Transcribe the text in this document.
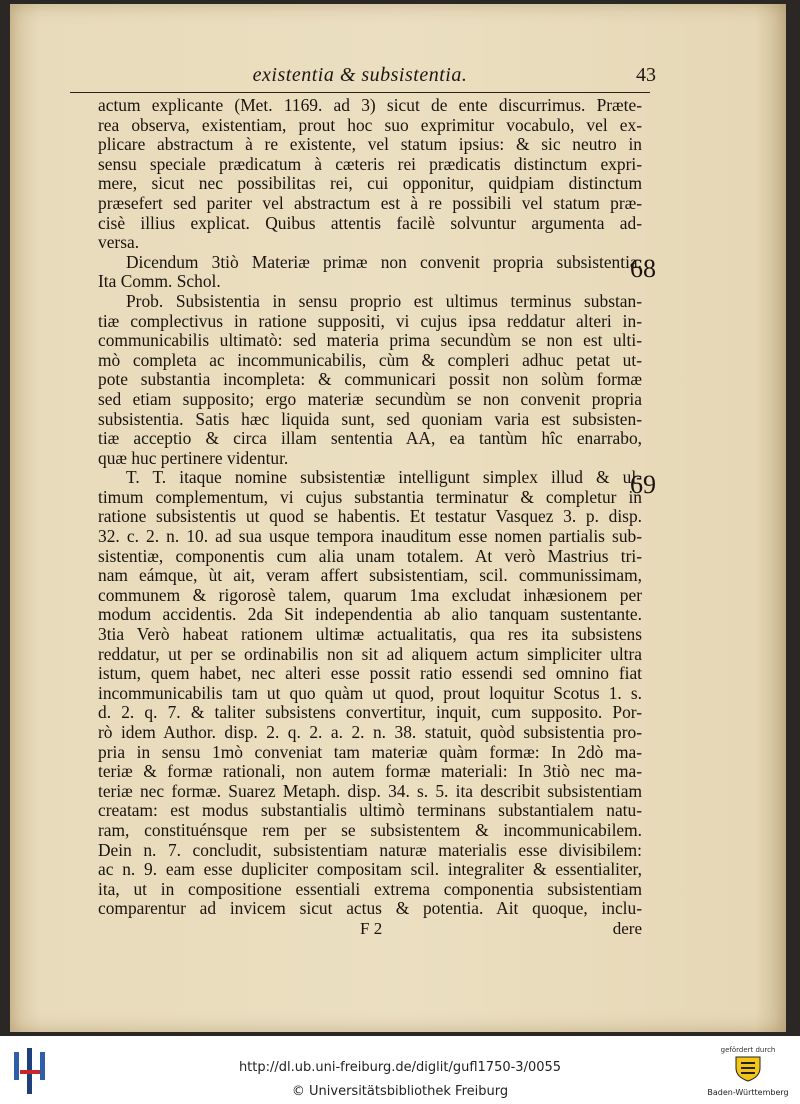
existentia & subsistentia.	43
actum explicante (Met. 1169. ad 3) sicut de ente discurrimus. Præte-
rea observa, existentiam, prout hoc suo exprimitur vocabulo, vel ex-
plicare abstractum à re existente, vel statum ipsius: & sic neutro in
sensu speciale prædicatum à cæteris rei prædicatis distinctum expri-
mere, sicut nec possibilitas rei, cui opponitur, quidpiam distinctum
præsefert sed pariter vel abstractum est à re possibili vel statum præ-
cisè illius explicat. Quibus attentis facilè solvuntur argumenta ad-
versa.
Dicendum 3tiò Materiæ primæ non convenit propria subsistentia.
Ita Comm. Schol.
Prob. Subsistentia in sensu proprio est ultimus terminus substan-
tiæ complectivus in ratione suppositi, vi cujus ipsa reddatur alteri in-
communicabilis ultimatò: sed materia prima secundùm se non est ulti-
mò completa ac incommunicabilis, cùm & compleri adhuc petat ut-
pote substantia incompleta: & communicari possit non solùm formæ
sed etiam supposito; ergo materiæ secundùm se non convenit propria
subsistentia. Satis hæc liquida sunt, sed quoniam varia est subsisten-
tiæ acceptio & circa illam sententia AA, ea tantùm hîc enarrabo,
quæ huc pertinere videntur.
T. T. itaque nomine subsistentiæ intelligunt simplex illud & ul-
timum complementum, vi cujus substantia terminatur & completur in
ratione subsistentis ut quod se habentis. Et testatur Vasquez 3. p. disp.
32. c. 2. n. 10. ad sua usque tempora inauditum esse nomen partialis sub-
sistentiæ, componentis cum alia unam totalem. At verò Mastrius tri-
nam eámque, ùt ait, veram affert subsistentiam, scil. communissimam,
communem & rigorosè talem, quarum 1ma excludat inhæsionem per
modum accidentis. 2da Sit independentia ab alio tanquam sustentante.
3tia Verò habeat rationem ultimæ actualitatis, qua res ita subsistens
reddatur, ut per se ordinabilis non sit ad aliquem actum simpliciter ultra
istum, quem habet, nec alteri esse possit ratio essendi sed omnino fiat
incommunicabilis tam ut quo quàm ut quod, prout loquitur Scotus 1. s.
d. 2. q. 7. & taliter subsistens convertitur, inquit, cum supposito. Por-
rò idem Author. disp. 2. q. 2. a. 2. n. 38. statuit, quòd subsistentia pro-
pria in sensu 1mò conveniat tam materiæ quàm formæ: In 2dò ma-
teriæ & formæ rationali, non autem formæ materiali: In 3tiò nec ma-
teriæ nec formæ. Suarez Metaph. disp. 34. s. 5. ita describit subsistentiam
creatam: est modus substantialis ultimò terminans substantialem natu-
ram, constituénsque rem per se subsistentem & incommunicabilem.
Dein n. 7. concludit, subsistentiam naturæ materialis esse divisibilem:
ac n. 9. eam esse dupliciter compositam scil. integraliter & essentialiter,
ita, ut in compositione essentiali extrema componentia subsistentiam
comparentur ad invicem sicut actus & potentia. Ait quoque, inclu-
68
69
F 2	dere
http://dl.ub.uni-freiburg.de/diglit/gufl1750-3/0055
© Universitätsbibliothek Freiburg
gefördert durch
Baden-Württemberg
